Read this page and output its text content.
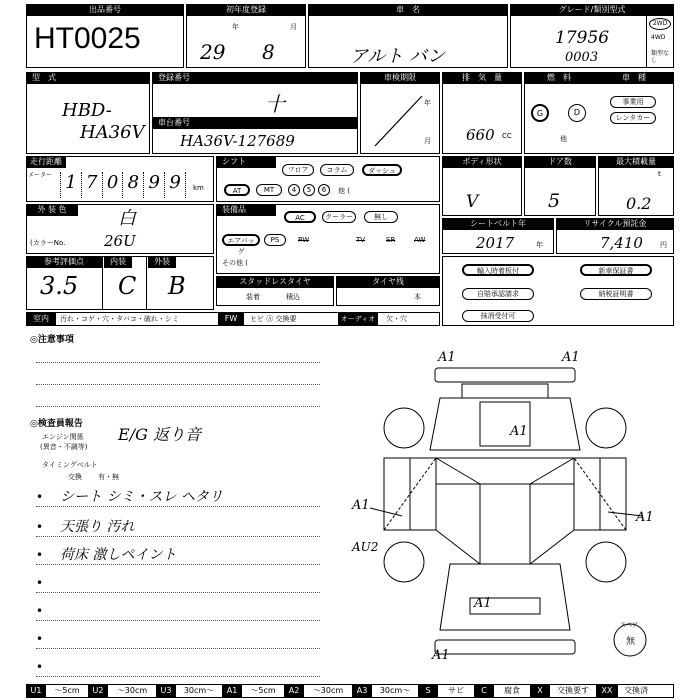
出品番号
HT0025
初年度登録
年	月
29 8
車　名
アルト バン
グレード/類別型式
17956
0003
2WD
4WD
類型なし
型　式
HBD-
HA36V
登録番号
十
車台番号
HA36V-127689
車検期限
年
月
排　気　量
660 CC
燃　料	車　種
G	D
他
事業用
レンタカー
走行距離
メーター 1 7 0 8 9 9	km
シフト
フロア	コラム	ダッシュ
AT	MT	4	5	6	他 (
ボディ形状
V
ドア数
5
最大積載量
t
0.2
外 装 色	白
(カラーNo.	26U
装備品
AC	クーラー	無し
エアバッグ
PS	PW	TV	SR	AW
その他 (
シートベルト年
2017	年
リサイクル預託金
7,410 円
参考評価点	内装	外装
3.5 C B	スタッドレスタイヤ
装着	積込
タイヤ残
本
輸入時着板付	新車保証書
自賠承認請求	納税証明書
抹消受付可
室内	汚れ・コゲ・穴・タバコ・破れ・シミ	FW	ヒビ Ⓐ 交換要	オーディオ	欠・穴
◎注意事項
◎検査員報告
エンジン関係
(異音・不調等)
E/G 返り音
タイミングベルト
交換 有・無
• シート シミ・スレ ヘタリ
• 天張り 汚れ
• 荷床 激しペイント
•
•
•
•
A1	A1
A1
A1
A1
AU2
A1
A1
スペア
無
U1	～5cm	U2	～30cm	U3	30cm～	A1	～5cm	A2	～30cm	A3	30cm～	S	サビ	C	腐食	X	交換要す	XX	交換済
